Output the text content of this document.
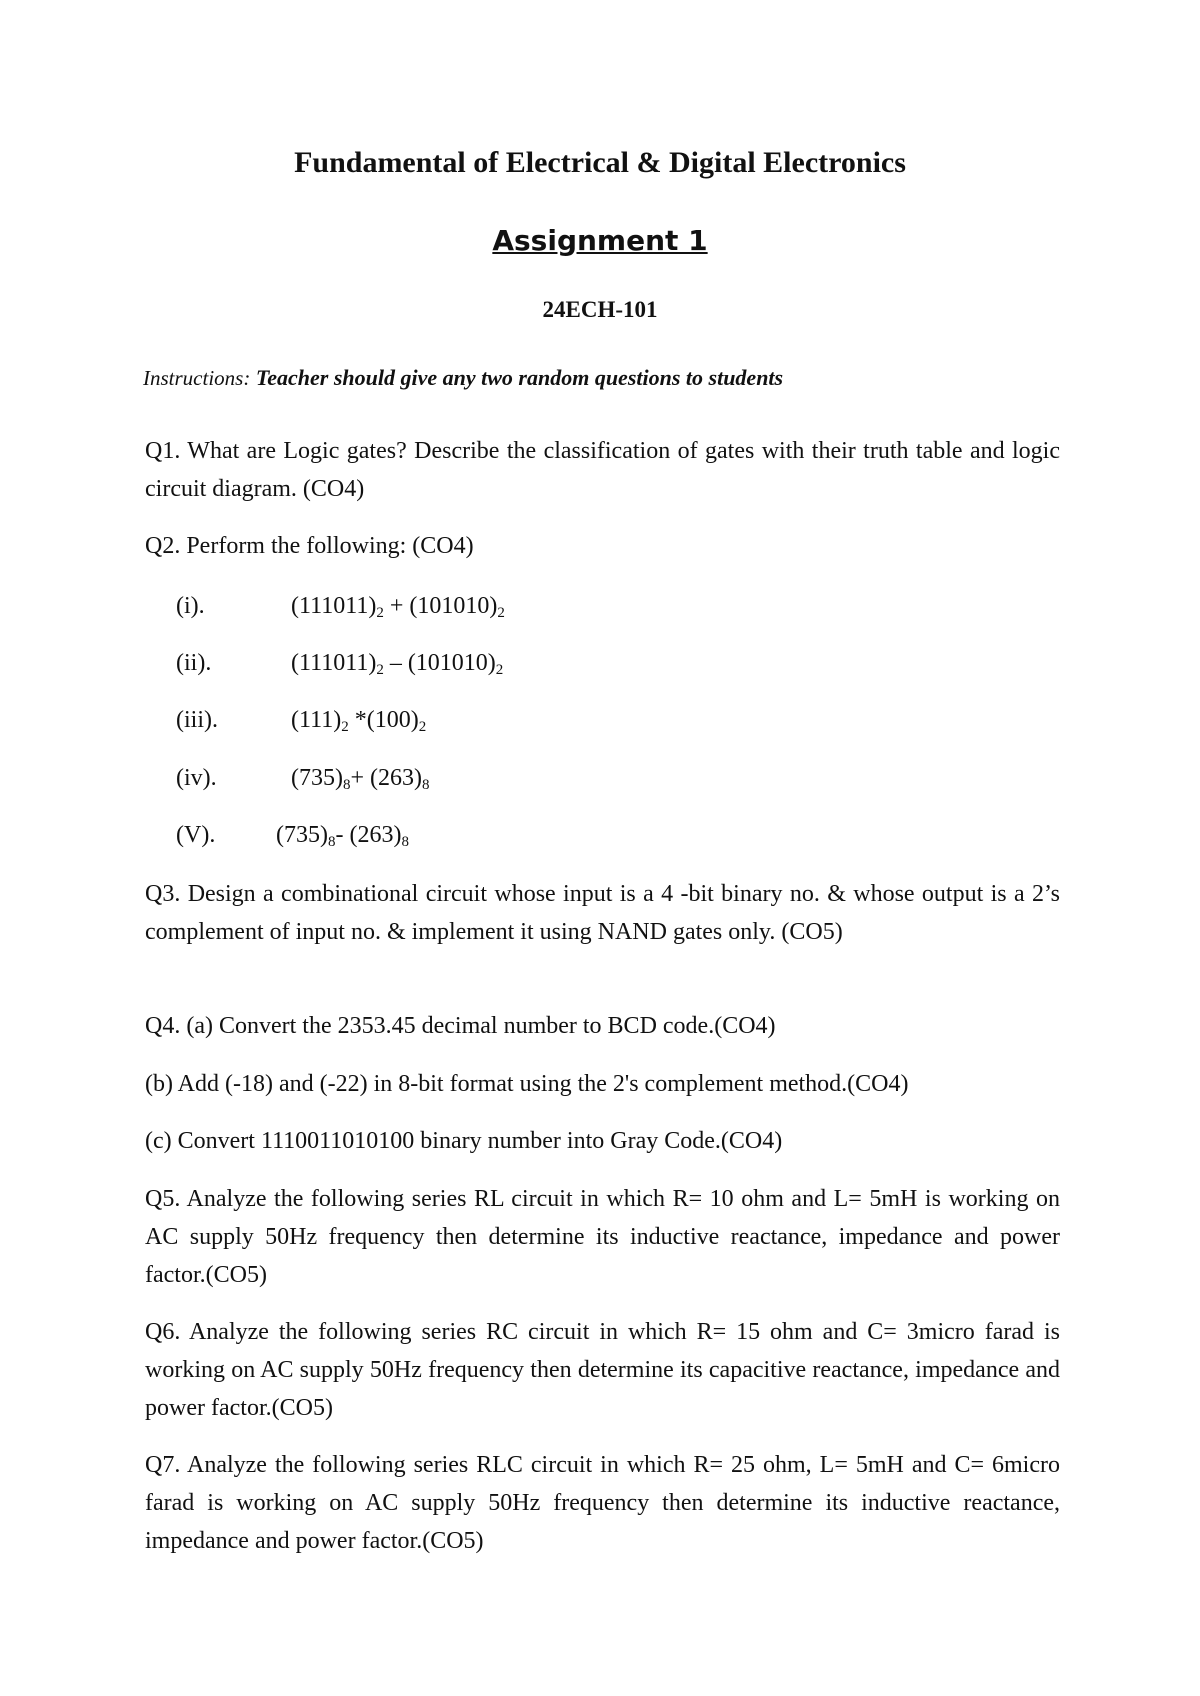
Fundamental of Electrical & Digital Electronics
Assignment 1

24ECH-101

Instructions: Teacher should give any two random questions to students

Q1. What are Logic gates? Describe the classification of gates with their truth table and logic circuit diagram. (CO4)

Q2. Perform the following: (CO4)

(i).	$(111011)_2 + (101010)_2$
(ii).	$(111011)_2 - (101010)_2$
(iii).	$(111)_2$ $*(100)_2$
(iv).	$(735)_8+ (263)_8$
(V).	$(735)_8-$ $(263)_8$

Q3. Design a combinational circuit whose input is a 4 -bit binary no. & whose output is a 2’s complement of input no. & implement it using NAND gates only. (CO5)

Q4. (a) Convert the 2353.45 decimal number to BCD code.(CO4)

(b) Add (-18) and (-22) in 8-bit format using the 2's complement method.(CO4)

(c) Convert 1110011010100 binary number into Gray Code.(CO4)

Q5. Analyze the following series RL circuit in which R= 10 ohm and L= 5mH is working on AC supply 50Hz frequency then determine its inductive reactance, impedance and power factor.(CO5)

Q6. Analyze the following series RC circuit in which R= 15 ohm and C= 3micro farad is working on AC supply 50Hz frequency then determine its capacitive reactance, impedance and power factor.(CO5)

Q7. Analyze the following series RLC circuit in which R= 25 ohm, L= 5mH and C= 6micro farad is working on AC supply 50Hz frequency then determine its inductive reactance, impedance and power factor.(CO5)
